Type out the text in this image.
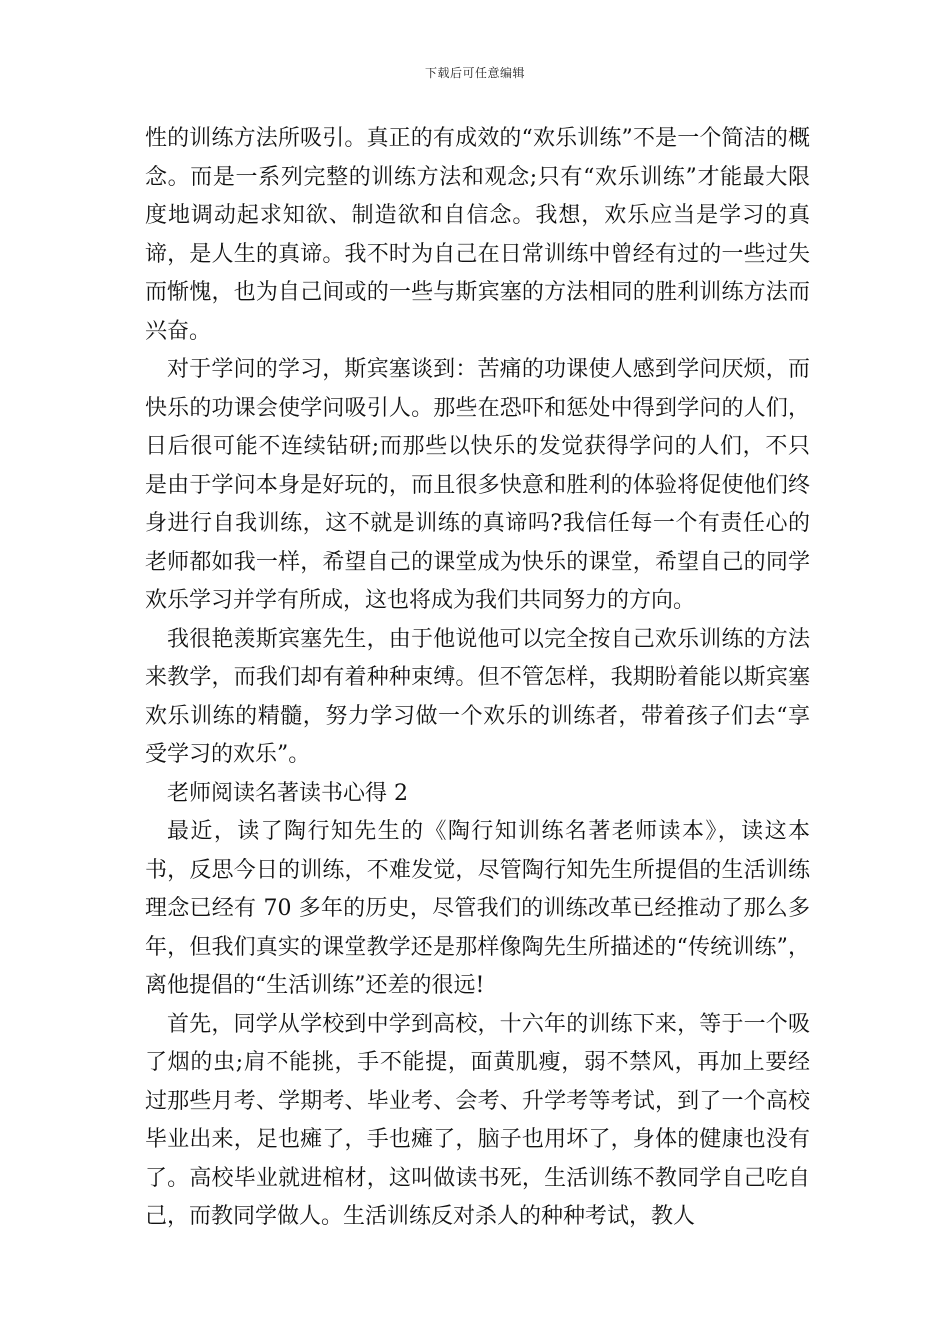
下载后可任意编辑

性的训练方法所吸引。真正的有成效的“欢乐训练”不是一个简洁的概念。而是一系列完整的训练方法和观念;只有“欢乐训练”才能最大限度地调动起求知欲、制造欲和自信念。我想，欢乐应当是学习的真谛，是人生的真谛。我不时为自己在日常训练中曾经有过的一些过失而惭愧，也为自己间或的一些与斯宾塞的方法相同的胜利训练方法而兴奋。

对于学问的学习，斯宾塞谈到：苦痛的功课使人感到学问厌烦，而快乐的功课会使学问吸引人。那些在恐吓和惩处中得到学问的人们，日后很可能不连续钻研;而那些以快乐的发觉获得学问的人们，不只是由于学问本身是好玩的，而且很多快意和胜利的体验将促使他们终身进行自我训练，这不就是训练的真谛吗?我信任每一个有责任心的老师都如我一样，希望自己的课堂成为快乐的课堂，希望自己的同学欢乐学习并学有所成，这也将成为我们共同努力的方向。

我很艳羡斯宾塞先生，由于他说他可以完全按自己欢乐训练的方法来教学，而我们却有着种种束缚。但不管怎样，我期盼着能以斯宾塞欢乐训练的精髓，努力学习做一个欢乐的训练者，带着孩子们去“享受学习的欢乐”。

老师阅读名著读书心得 2

最近，读了陶行知先生的《陶行知训练名著老师读本》，读这本书，反思今日的训练，不难发觉，尽管陶行知先生所提倡的生活训练理念已经有 70 多年的历史，尽管我们的训练改革已经推动了那么多年，但我们真实的课堂教学还是那样像陶先生所描述的“传统训练”，离他提倡的“生活训练”还差的很远!

首先，同学从学校到中学到高校，十六年的训练下来，等于一个吸了烟的虫;肩不能挑，手不能提，面黄肌瘦，弱不禁风，再加上要经过那些月考、学期考、毕业考、会考、升学考等考试，到了一个高校毕业出来，足也瘫了，手也瘫了，脑子也用坏了，身体的健康也没有了。高校毕业就进棺材，这叫做读书死，生活训练不教同学自己吃自己，而教同学做人。生活训练反对杀人的种种考试，教人
